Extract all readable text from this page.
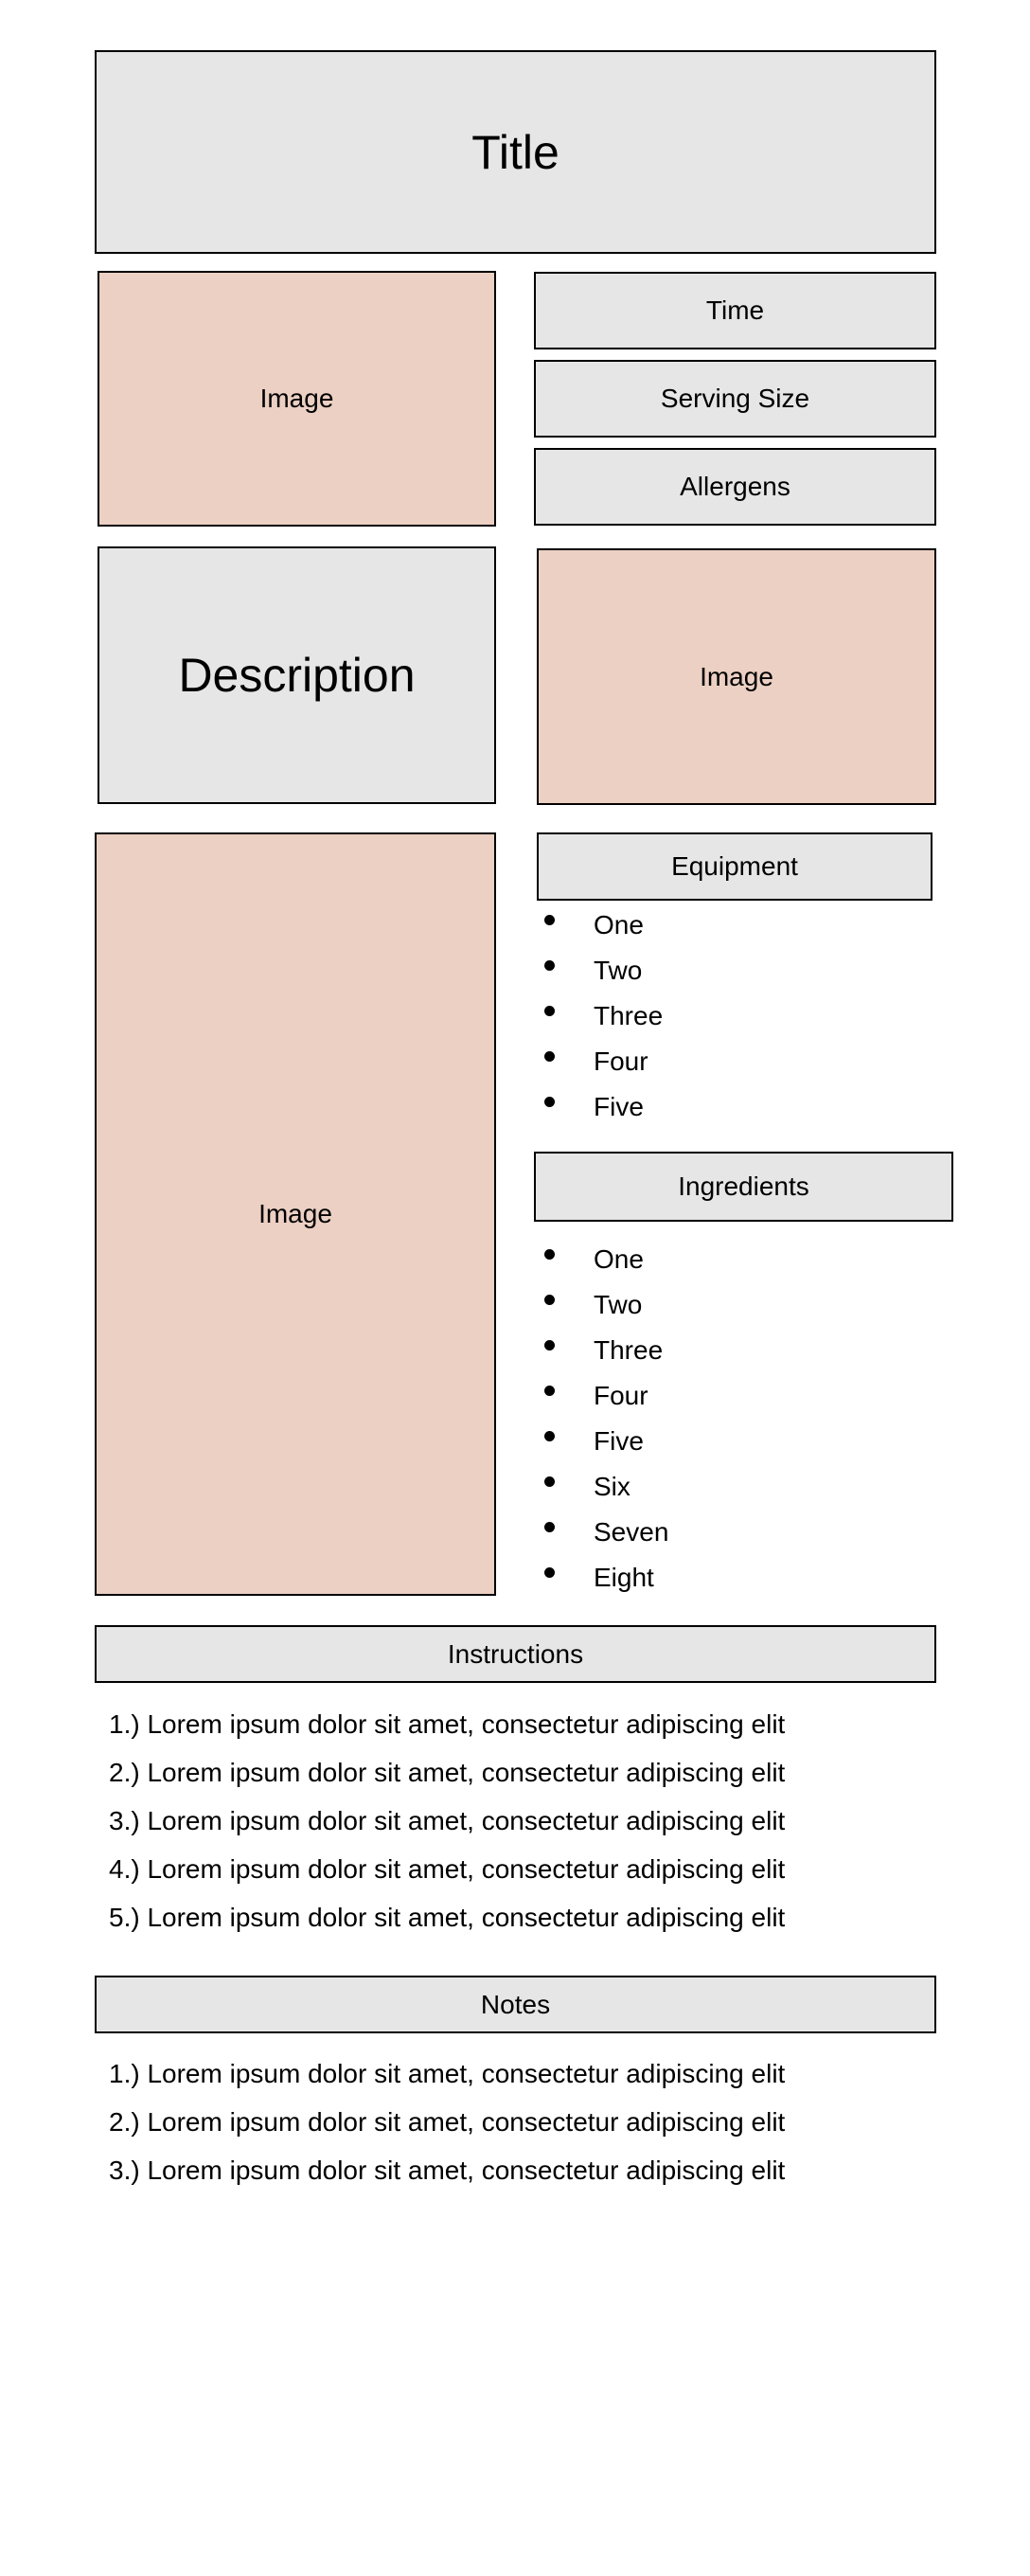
Title
Image
Time
Serving Size
Allergens
Description	Image
Image
Equipment
One
Two
Three
Four
Five
Ingredients
One
Two
Three
Four
Five
Six
Seven
Eight
Instructions
1.) Lorem ipsum dolor sit amet, consectetur adipiscing elit
2.) Lorem ipsum dolor sit amet, consectetur adipiscing elit
3.) Lorem ipsum dolor sit amet, consectetur adipiscing elit
4.) Lorem ipsum dolor sit amet, consectetur adipiscing elit
5.) Lorem ipsum dolor sit amet, consectetur adipiscing elit
Notes
1.) Lorem ipsum dolor sit amet, consectetur adipiscing elit
2.) Lorem ipsum dolor sit amet, consectetur adipiscing elit
3.) Lorem ipsum dolor sit amet, consectetur adipiscing elit
